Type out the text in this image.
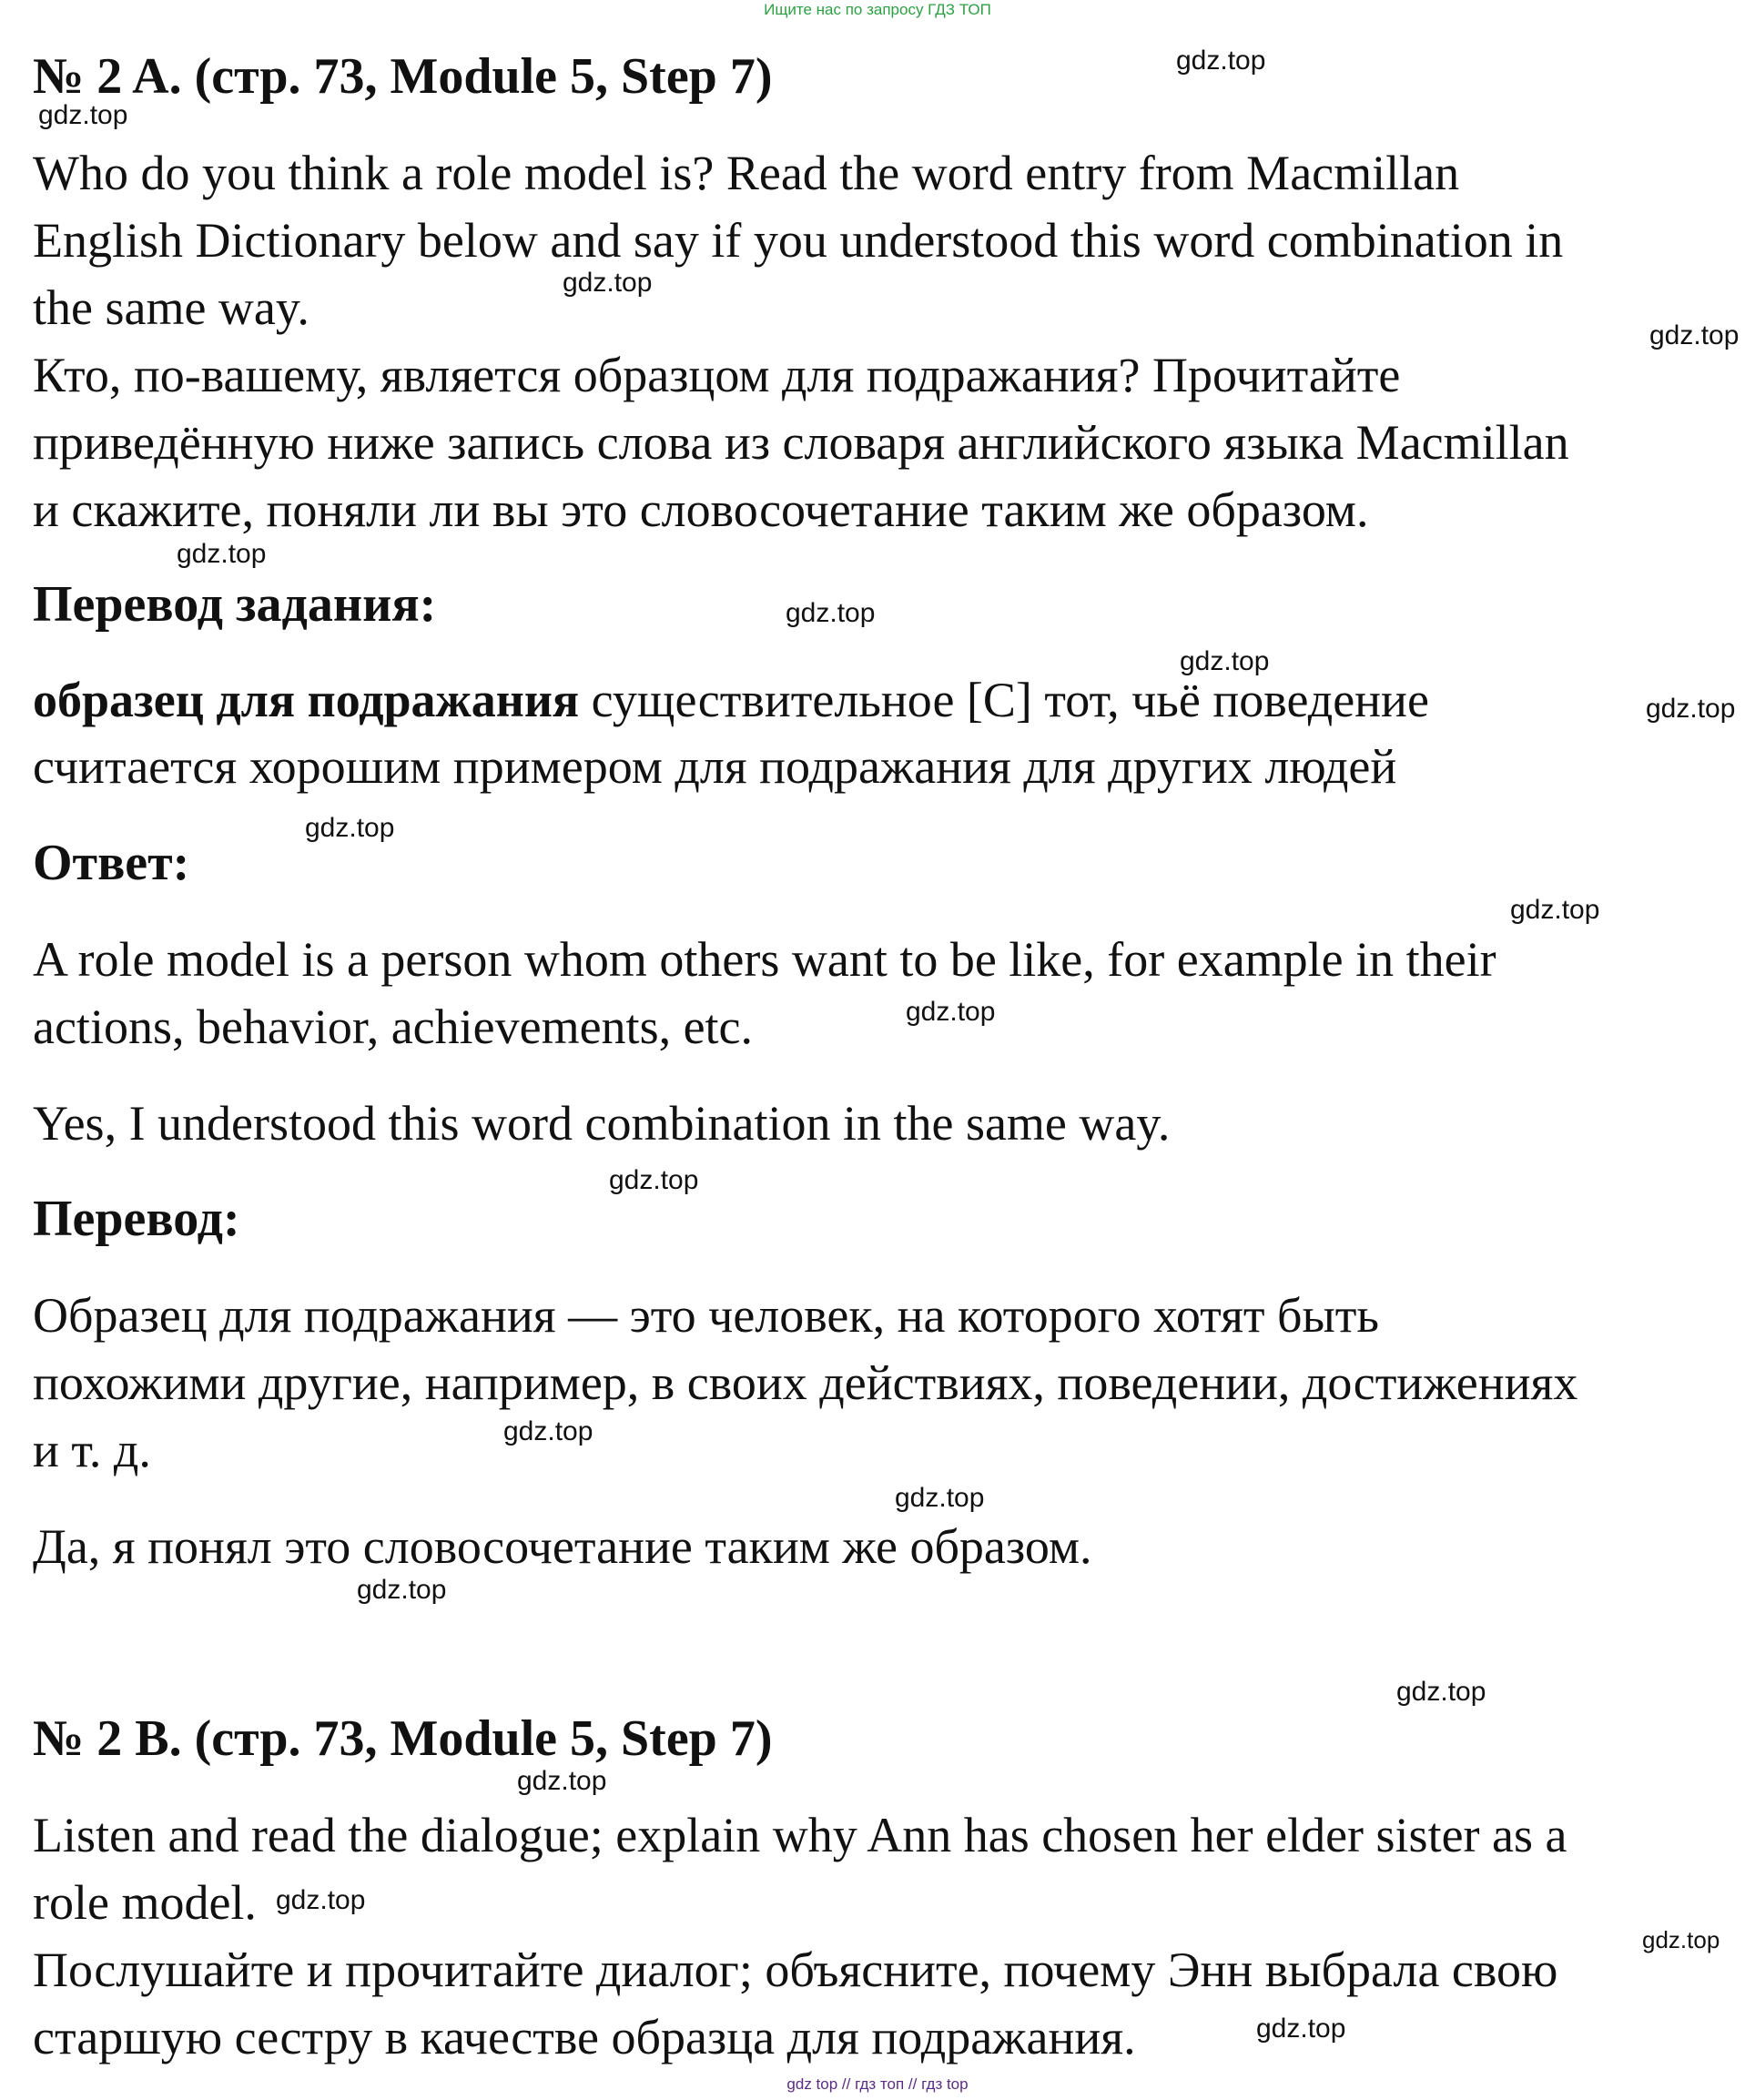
Ищите нас по запросу ГДЗ ТОП
№ 2 A. (стр. 73, Module 5, Step 7)
Who do you think a role model is? Read the word entry from Macmillan
English Dictionary below and say if you understood this word combination in
the same way.
Кто, по-вашему, является образцом для подражания? Прочитайте
приведённую ниже запись слова из словаря английского языка Macmillan
и скажите, поняли ли вы это словосочетание таким же образом.
Перевод задания:
образец для подражания существительное [C] тот, чьё поведение
считается хорошим примером для подражания для других людей
Ответ:
A role model is a person whom others want to be like, for example in their
actions, behavior, achievements, etc.
Yes, I understood this word combination in the same way.
Перевод:
Образец для подражания — это человек, на которого хотят быть
похожими другие, например, в своих действиях, поведении, достижениях
и т. д.
Да, я понял это словосочетание таким же образом.
№ 2 B. (стр. 73, Module 5, Step 7)
Listen and read the dialogue; explain why Ann has chosen her elder sister as a
role model.
Послушайте и прочитайте диалог; объясните, почему Энн выбрала свою
старшую сестру в качестве образца для подражания.
gdz.top
gdz.top
gdz.top
gdz.top
gdz.top
gdz.top
gdz.top
gdz.top
gdz.top
gdz.top
gdz.top
gdz.top
gdz.top
gdz.top
gdz.top
gdz.top
gdz.top
gdz.top
gdz.top
gdz.top
gdz top // гдз топ // гдз top
